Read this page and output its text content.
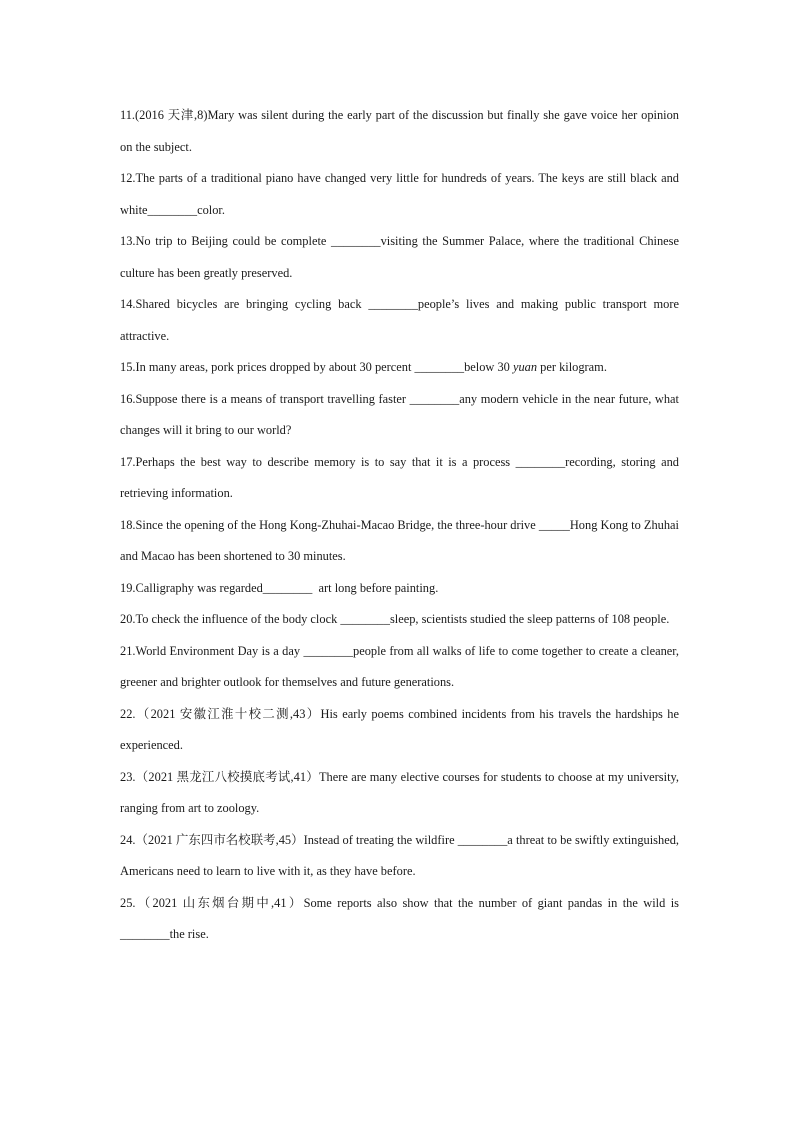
11.(2016 天津,8)Mary was silent during the early part of the discussion but finally she gave voice her opinion on the subject.

12.The parts of a traditional piano have changed very little for hundreds of years. The keys are still black and    white________color.

13.No trip to Beijing could be complete ________visiting the Summer Palace, where the traditional Chinese culture has been greatly preserved.

14.Shared bicycles are bringing cycling back ________people’s lives and making public transport more attractive.

15.In many areas, pork prices dropped by about 30 percent ________below 30 yuan per kilogram.

16.Suppose there is a means of transport travelling faster ________any modern vehicle in the near future, what changes will it bring to our world?

17.Perhaps the best way to describe memory is to say that it is a process ________recording, storing and retrieving information.

18.Since the opening of the Hong Kong-Zhuhai-Macao Bridge, the three-hour drive _____Hong Kong to Zhuhai and Macao has been shortened to 30 minutes.

19.Calligraphy was regarded________  art long before painting.

20.To check the influence of the body clock ________sleep, scientists studied the sleep patterns of 108 people.

21.World Environment Day is a day ________people from all walks of life to come together to create a cleaner, greener and brighter outlook for themselves and future generations.

22.（2021 安徽江淮十校二测,43）His early poems combined incidents from his travels the hardships he experienced.

23.（2021 黑龙江八校摸底考试,41）There are many elective courses for students to choose at my university, ranging from art to zoology.

24.（2021 广东四市名校联考,45）Instead of treating the wildfire ________a threat to be swiftly extinguished, Americans need to learn to live with it, as they have before.

25.（2021 山东烟台期中,41）Some reports also show that the number of giant pandas in the wild is ________the rise.
